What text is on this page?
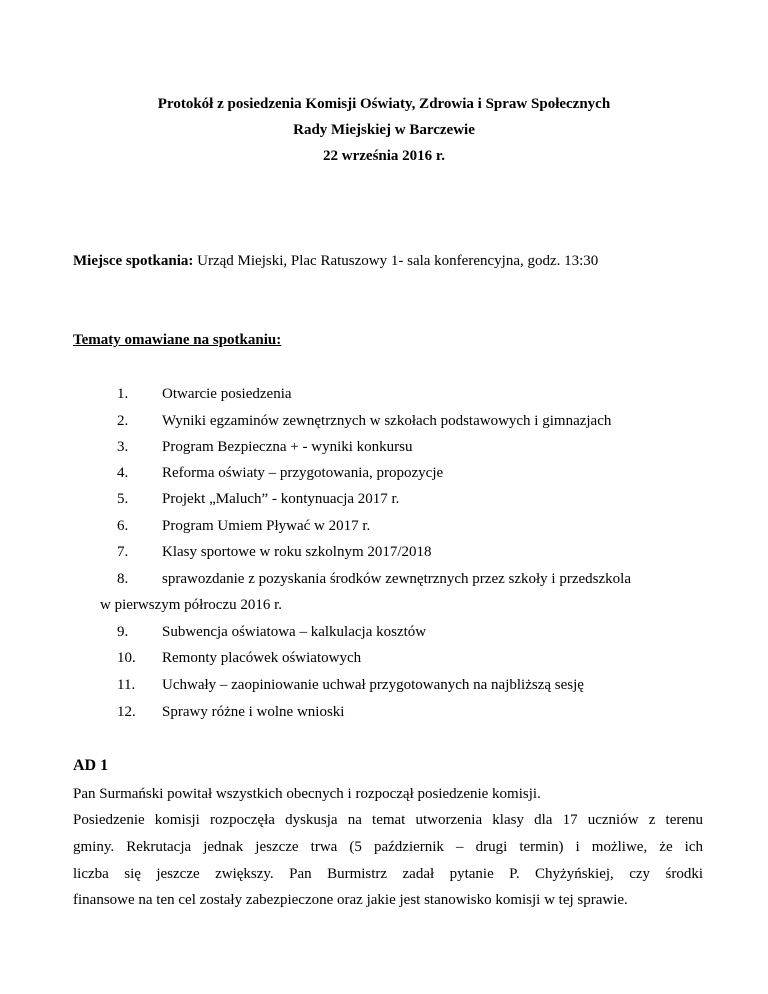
Protokół z posiedzenia Komisji Oświaty, Zdrowia i Spraw Społecznych
Rady Miejskiej w Barczewie
22 września 2016 r.
Miejsce spotkania: Urząd Miejski, Plac Ratuszowy 1- sala konferencyjna, godz. 13:30
Tematy omawiane na spotkaniu:
1. Otwarcie posiedzenia
2. Wyniki egzaminów zewnętrznych w szkołach podstawowych i gimnazjach
3. Program Bezpieczna + - wyniki konkursu
4. Reforma oświaty – przygotowania, propozycje
5. Projekt „Maluch” - kontynuacja 2017 r.
6. Program Umiem Pływać w 2017 r.
7. Klasy sportowe w roku szkolnym 2017/2018
8. sprawozdanie z pozyskania środków zewnętrznych przez szkoły i przedszkola
w pierwszym półroczu 2016 r.
9. Subwencja oświatowa – kalkulacja kosztów
10. Remonty placówek oświatowych
11. Uchwały – zaopiniowanie uchwał przygotowanych na najbliższą sesję
12. Sprawy różne i wolne wnioski
AD 1
Pan Surmański powitał wszystkich obecnych i rozpoczął posiedzenie komisji.
Posiedzenie komisji rozpoczęła dyskusja na temat utworzenia klasy dla 17 uczniów z terenu
gminy. Rekrutacja jednak jeszcze trwa (5 październik – drugi termin) i możliwe, że ich
liczba się jeszcze zwiększy. Pan Burmistrz zadał pytanie P. Chyżyńskiej, czy środki
finansowe na ten cel zostały zabezpieczone oraz jakie jest stanowisko komisji w tej sprawie.
